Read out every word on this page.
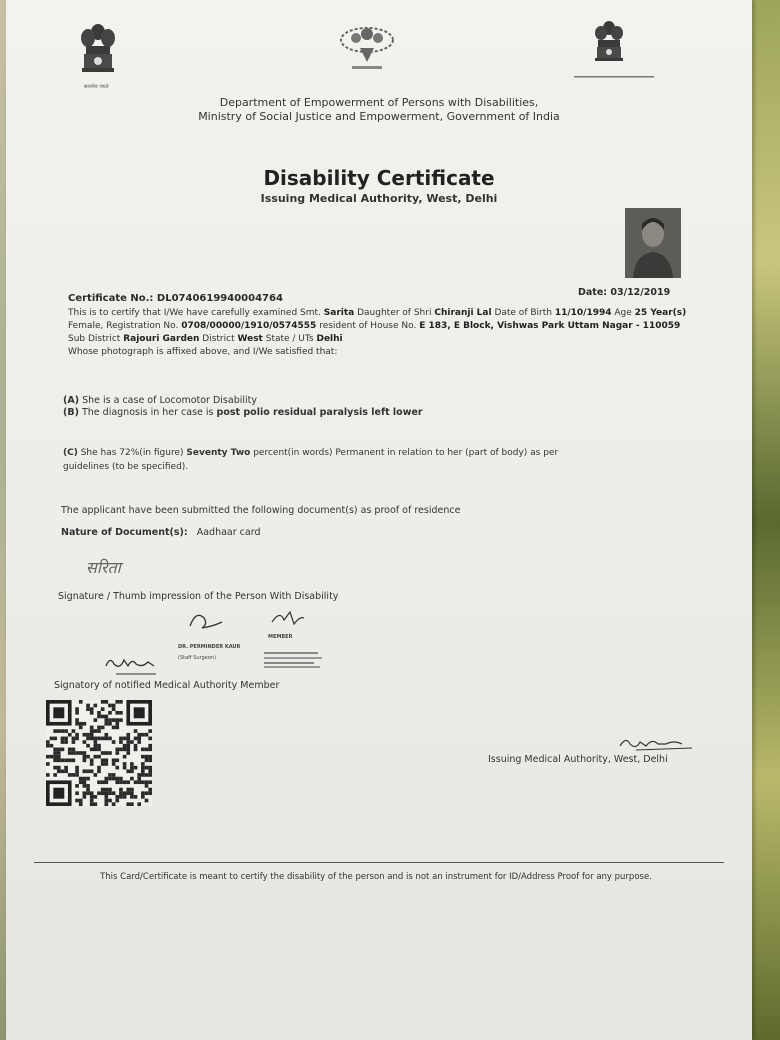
सत्यमेव जयते
Department of Empowerment of Persons with Disabilities,
Ministry of Social Justice and Empowerment, Government of India
Disability Certificate
Issuing Medical Authority, West, Delhi
Certificate No.: DL0740619940004764
Date: 03/12/2019
This is to certify that I/We have carefully examined Smt. Sarita Daughter of Shri Chiranji Lal Date of Birth 11/10/1994 Age 25 Year(s) Female, Registration No. 0708/00000/1910/0574555 resident of House No. E 183, E Block, Vishwas Park Uttam Nagar - 110059 Sub District Rajouri Garden District West State / UTs Delhi
Whose photograph is affixed above, and I/We satisfied that:
(A) She is a case of Locomotor Disability
(B) The diagnosis in her case is post polio residual paralysis left lower
(C) She has 72%(in figure) Seventy Two percent(in words) Permanent in relation to her (part of body) as per
guidelines (to be specified).
The applicant have been submitted the following document(s) as proof of residence
Nature of Document(s): Aadhaar card
सरिता
Signature / Thumb impression of the Person With Disability
MEMBER
DR. PERMINDER KAUR
(Staff Surgeon)
Signatory of notified Medical Authority Member
Issuing Medical Authority, West, Delhi
This Card/Certificate is meant to certify the disability of the person and is not an instrument for ID/Address Proof for any purpose.
